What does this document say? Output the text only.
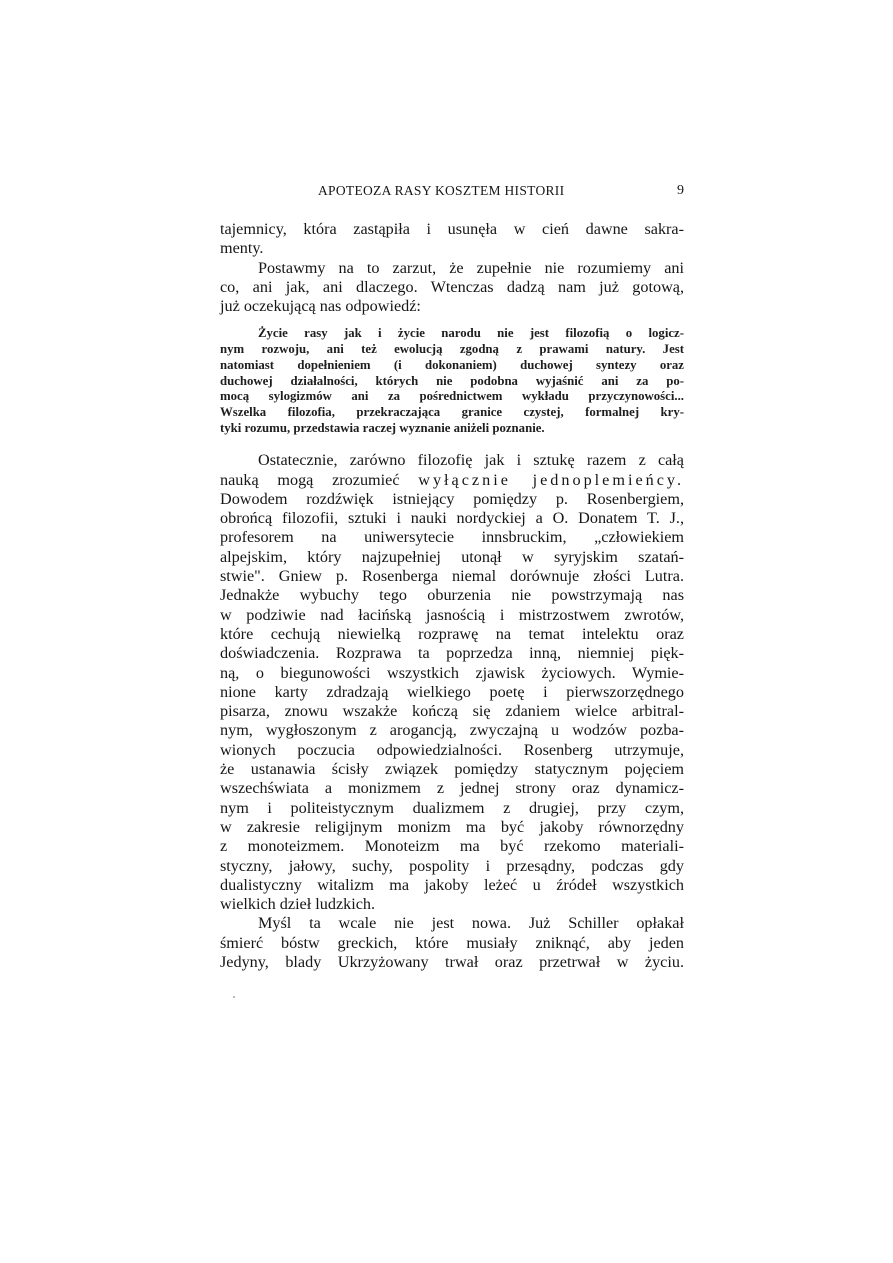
APOTEOZA RASY KOSZTEM HISTORII	9
tajemnicy, która zastąpiła i usunęła w cień dawne sakra-
menty.
Postawmy na to zarzut, że zupełnie nie rozumiemy ani
co, ani jak, ani dlaczego. Wtenczas dadzą nam już gotową,
już oczekującą nas odpowiedź:
Życie rasy jak i życie narodu nie jest filozofią o logicz-
nym rozwoju, ani też ewolucją zgodną z prawami natury. Jest
natomiast dopełnieniem (i dokonaniem) duchowej syntezy oraz
duchowej działalności, których nie podobna wyjaśnić ani za po-
mocą sylogizmów ani za pośrednictwem wykładu przyczynowości...
Wszelka filozofia, przekraczająca granice czystej, formalnej kry-
tyki rozumu, przedstawia raczej wyznanie aniżeli poznanie.
Ostatecznie, zarówno filozofię jak i sztukę razem z całą
nauką mogą zrozumieć wyłącznie jednoplemieńcy.
Dowodem rozdźwięk istniejący pomiędzy p. Rosenbergiem,
obrońcą filozofii, sztuki i nauki nordyckiej a O. Donatem T. J.,
profesorem na uniwersytecie innsbruckim, „człowiekiem
alpejskim, który najzupełniej utonął w syryjskim szatań-
stwie". Gniew p. Rosenberga niemal dorównuje złości Lutra.
Jednakże wybuchy tego oburzenia nie powstrzymają nas
w podziwie nad łacińską jasnością i mistrzostwem zwrotów,
które cechują niewielką rozprawę na temat intelektu oraz
doświadczenia. Rozprawa ta poprzedza inną, niemniej pięk-
ną, o biegunowości wszystkich zjawisk życiowych. Wymie-
nione karty zdradzają wielkiego poetę i pierwszorzędnego
pisarza, znowu wszakże kończą się zdaniem wielce arbitral-
nym, wygłoszonym z arogancją, zwyczajną u wodzów pozba-
wionych poczucia odpowiedzialności. Rosenberg utrzymuje,
że ustanawia ścisły związek pomiędzy statycznym pojęciem
wszechświata a monizmem z jednej strony oraz dynamicz-
nym i politeistycznym dualizmem z drugiej, przy czym,
w zakresie religijnym monizm ma być jakoby równorzędny
z monoteizmem. Monoteizm ma być rzekomo materiali-
styczny, jałowy, suchy, pospolity i przesądny, podczas gdy
dualistyczny witalizm ma jakoby leżeć u źródeł wszystkich
wielkich dzieł ludzkich.
Myśl ta wcale nie jest nowa. Już Schiller opłakał
śmierć bóstw greckich, które musiały zniknąć, aby jeden
Jedyny, blady Ukrzyżowany trwał oraz przetrwał w życiu.
